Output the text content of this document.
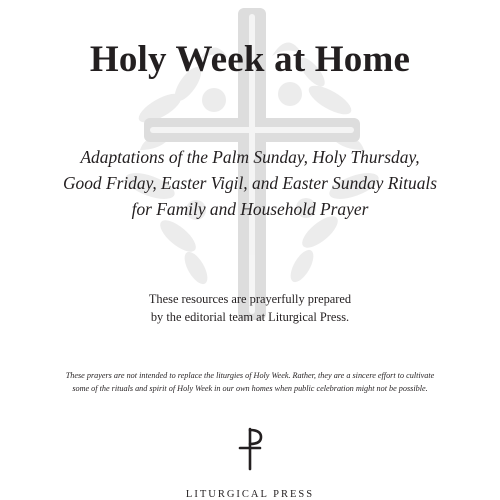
Holy Week at Home
Adaptations of the Palm Sunday, Holy Thursday,
Good Friday, Easter Vigil, and Easter Sunday Rituals
for Family and Household Prayer
These resources are prayerfully prepared
by the editorial team at Liturgical Press.
These prayers are not intended to replace the liturgies of Holy Week. Rather, they are a sincere effort to cultivate
some of the rituals and spirit of Holy Week in our own homes when public celebration might not be possible.
LITURGICAL PRESS
